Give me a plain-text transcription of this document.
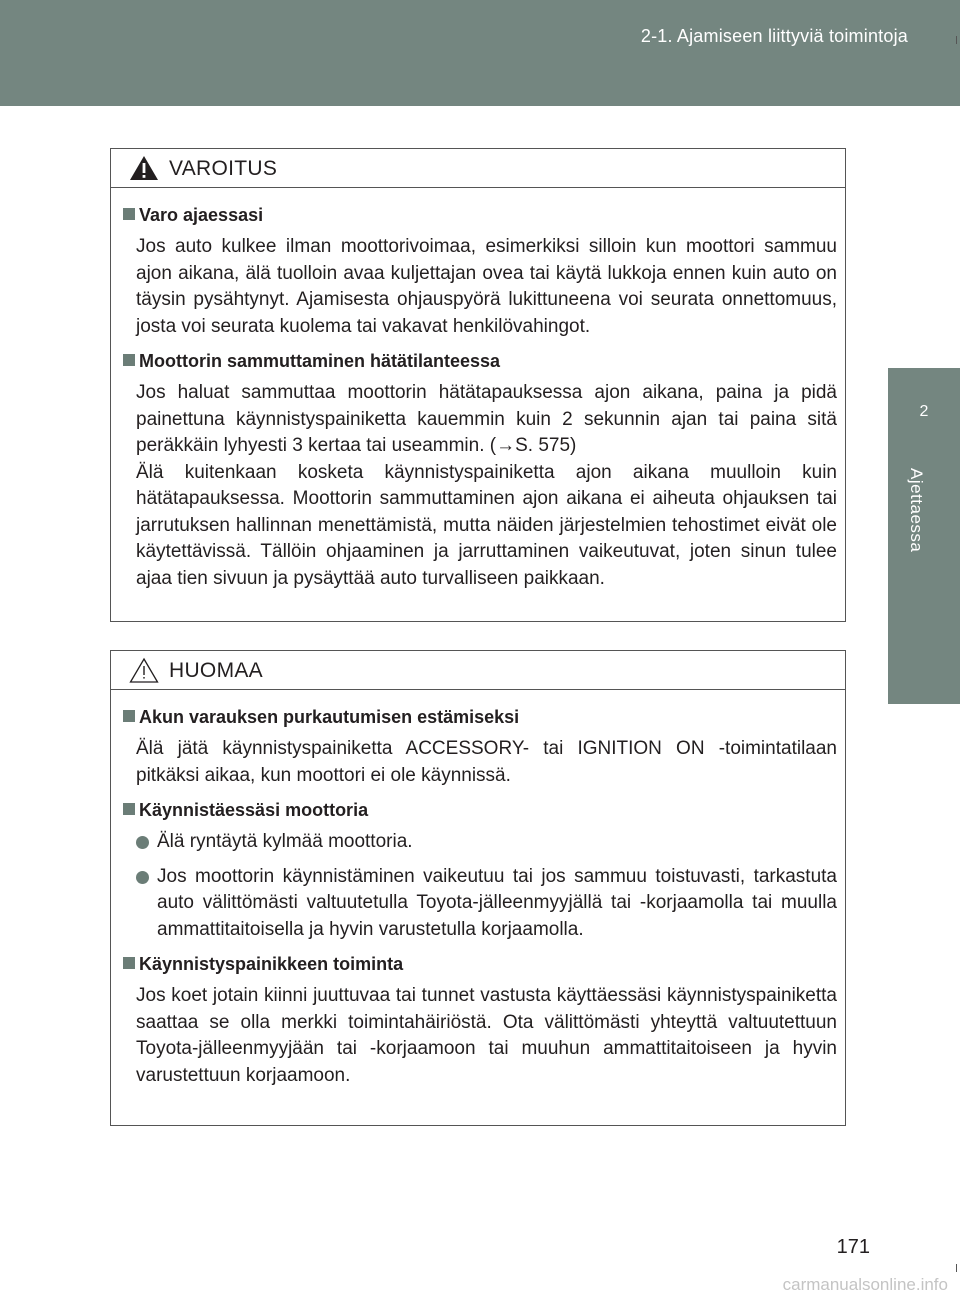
2-1. Ajamiseen liittyviä toimintoja
2
Ajettaessa
VAROITUS
Varo ajaessasi

Jos auto kulkee ilman moottorivoimaa, esimerkiksi silloin kun moottori sammuu ajon aikana, älä tuolloin avaa kuljettajan ovea tai käytä lukkoja ennen kuin auto on täysin pysähtynyt. Ajamisesta ohjauspyörä lukittuneena voi seurata onnettomuus, josta voi seurata kuolema tai vakavat henkilövahingot.

Moottorin sammuttaminen hätätilanteessa

Jos haluat sammuttaa moottorin hätätapauksessa ajon aikana, paina ja pidä painettuna käynnistyspainiketta kauemmin kuin 2 sekunnin ajan tai paina sitä peräkkäin lyhyesti 3 kertaa tai useammin. (→S. 575)

Älä kuitenkaan kosketa käynnistyspainiketta ajon aikana muulloin kuin hätätapauksessa. Moottorin sammuttaminen ajon aikana ei aiheuta ohjauksen tai jarrutuksen hallinnan menettämistä, mutta näiden järjestelmien tehostimet eivät ole käytettävissä. Tällöin ohjaaminen ja jarruttaminen vaikeutuvat, joten sinun tulee ajaa tien sivuun ja pysäyttää auto turvalliseen paikkaan.

HUOMAA
Akun varauksen purkautumisen estämiseksi

Älä jätä käynnistyspainiketta ACCESSORY- tai IGNITION ON -toimintatilaan pitkäksi aikaa, kun moottori ei ole käynnissä.

Käynnistäessäsi moottoria
Älä ryntäytä kylmää moottoria.
Jos moottorin käynnistäminen vaikeutuu tai jos sammuu toistuvasti, tarkastuta auto välittömästi valtuutetulla Toyota-jälleenmyyjällä tai -korjaamolla tai muulla ammattitaitoisella ja hyvin varustetulla korjaamolla.
Käynnistyspainikkeen toiminta

Jos koet jotain kiinni juuttuvaa tai tunnet vastusta käyttäessäsi käynnistyspainiketta saattaa se olla merkki toimintahäiriöstä. Ota välittömästi yhteyttä valtuutettuun Toyota-jälleenmyyjään tai -korjaamoon tai muuhun ammattitaitoiseen ja hyvin varustettuun korjaamoon.

171
carmanualsonline.info
